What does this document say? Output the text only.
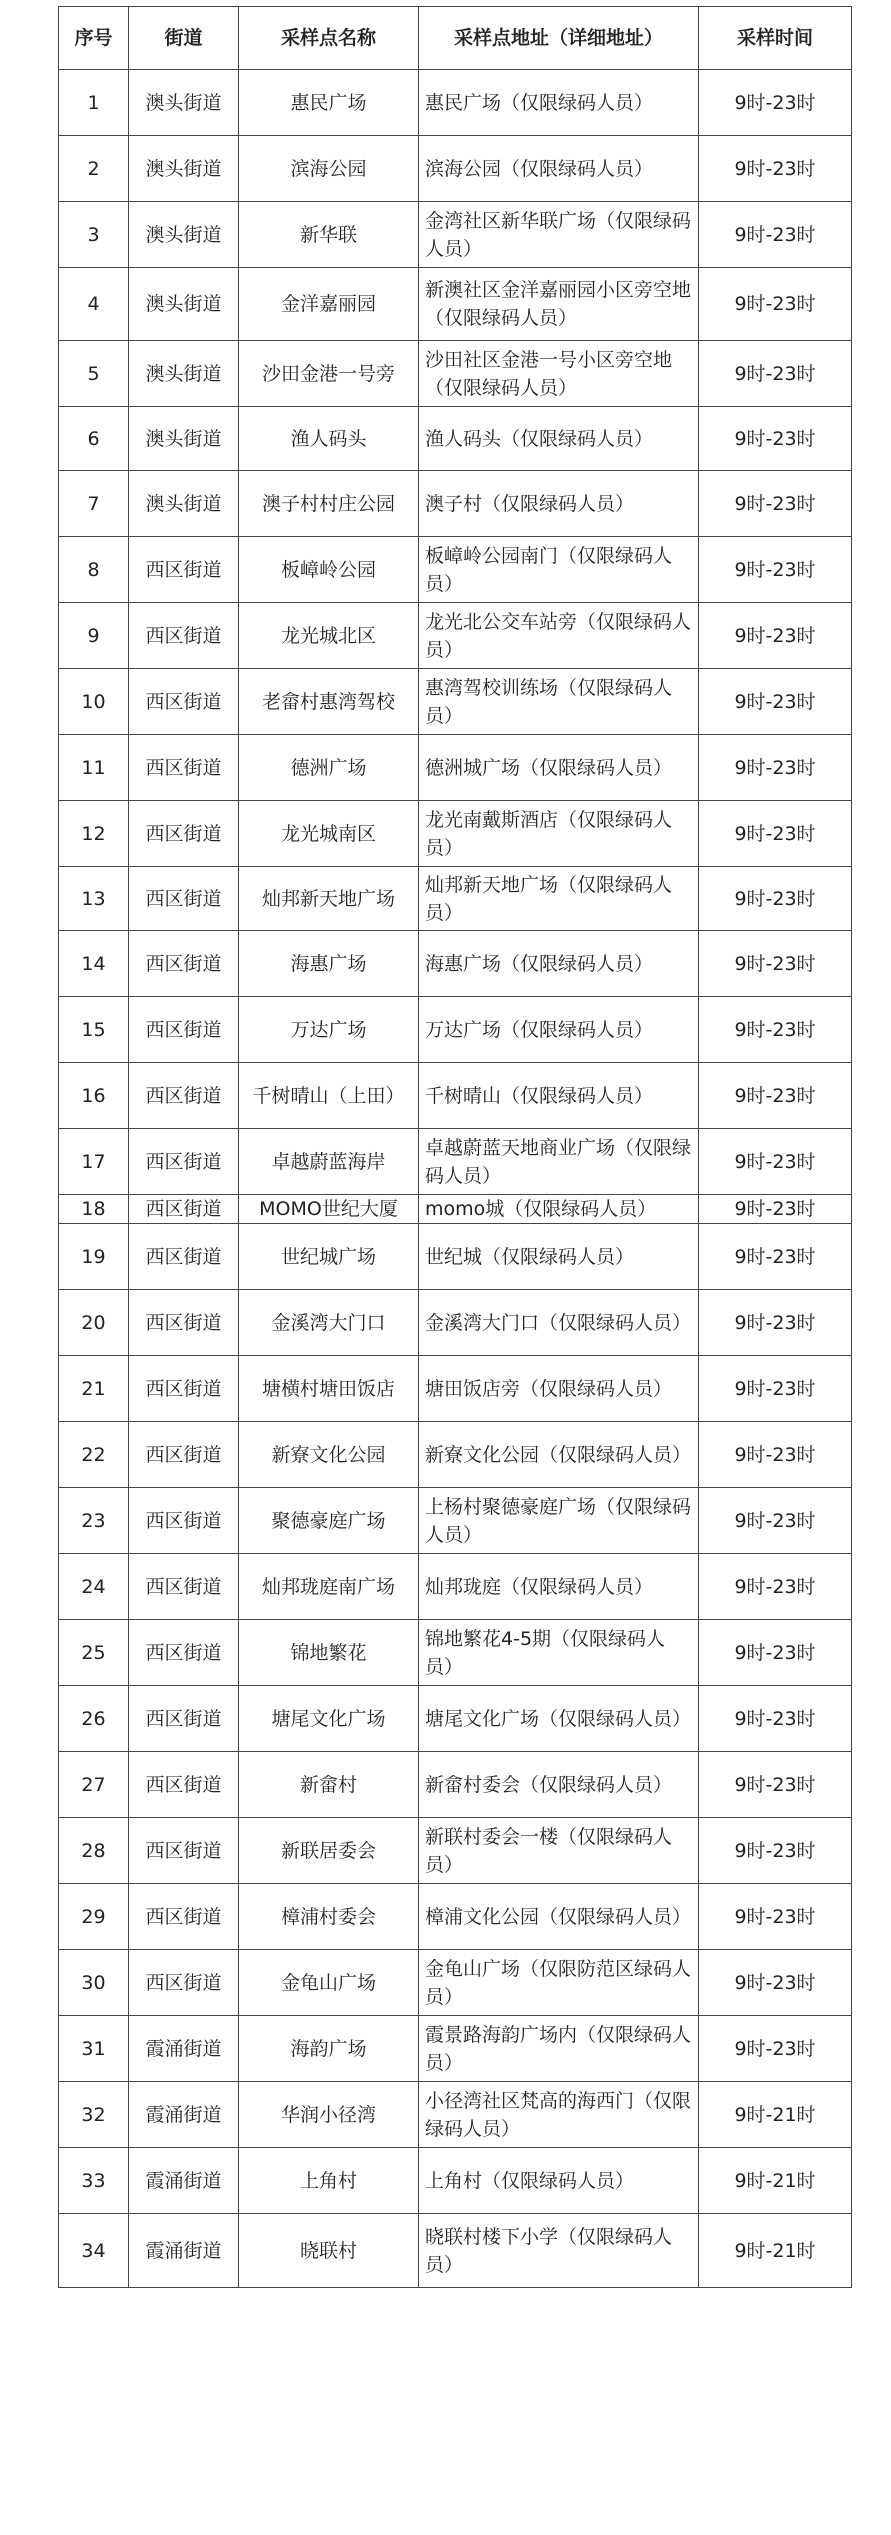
序号	街道	采样点名称	采样点地址（详细地址）	采样时间
1	澳头街道	惠民广场	惠民广场（仅限绿码人员）	9时-23时
2	澳头街道	滨海公园	滨海公园（仅限绿码人员）	9时-23时
3	澳头街道	新华联	金湾社区新华联广场（仅限绿码人员）	9时-23时
4	澳头街道	金洋嘉丽园	新澳社区金洋嘉丽园小区旁空地（仅限绿码人员）	9时-23时
5	澳头街道	沙田金港一号旁	沙田社区金港一号小区旁空地（仅限绿码人员）	9时-23时
6	澳头街道	渔人码头	渔人码头（仅限绿码人员）	9时-23时
7	澳头街道	澳子村村庄公园	澳子村（仅限绿码人员）	9时-23时
8	西区街道	板嶂岭公园	板嶂岭公园南门（仅限绿码人员）	9时-23时
9	西区街道	龙光城北区	龙光北公交车站旁（仅限绿码人员）	9时-23时
10	西区街道	老畲村惠湾驾校	惠湾驾校训练场（仅限绿码人员）	9时-23时
11	西区街道	德洲广场	德洲城广场（仅限绿码人员）	9时-23时
12	西区街道	龙光城南区	龙光南戴斯酒店（仅限绿码人员）	9时-23时
13	西区街道	灿邦新天地广场	灿邦新天地广场（仅限绿码人员）	9时-23时
14	西区街道	海惠广场	海惠广场（仅限绿码人员）	9时-23时
15	西区街道	万达广场	万达广场（仅限绿码人员）	9时-23时
16	西区街道	千树晴山（上田）	千树晴山（仅限绿码人员）	9时-23时
17	西区街道	卓越蔚蓝海岸	卓越蔚蓝天地商业广场（仅限绿码人员）	9时-23时
18	西区街道	MOMO世纪大厦	momo城（仅限绿码人员）	9时-23时
19	西区街道	世纪城广场	世纪城（仅限绿码人员）	9时-23时
20	西区街道	金溪湾大门口	金溪湾大门口（仅限绿码人员）	9时-23时
21	西区街道	塘横村塘田饭店	塘田饭店旁（仅限绿码人员）	9时-23时
22	西区街道	新寮文化公园	新寮文化公园（仅限绿码人员）	9时-23时
23	西区街道	聚德豪庭广场	上杨村聚德豪庭广场（仅限绿码人员）	9时-23时
24	西区街道	灿邦珑庭南广场	灿邦珑庭（仅限绿码人员）	9时-23时
25	西区街道	锦地繁花	锦地繁花4-5期（仅限绿码人员）	9时-23时
26	西区街道	塘尾文化广场	塘尾文化广场（仅限绿码人员）	9时-23时
27	西区街道	新畲村	新畲村委会（仅限绿码人员）	9时-23时
28	西区街道	新联居委会	新联村委会一楼（仅限绿码人员）	9时-23时
29	西区街道	樟浦村委会	樟浦文化公园（仅限绿码人员）	9时-23时
30	西区街道	金龟山广场	金龟山广场（仅限防范区绿码人员）	9时-23时
31	霞涌街道	海韵广场	霞景路海韵广场内（仅限绿码人员）	9时-23时
32	霞涌街道	华润小径湾	小径湾社区梵高的海西门（仅限绿码人员）	9时-21时
33	霞涌街道	上角村	上角村（仅限绿码人员）	9时-21时
34	霞涌街道	晓联村	晓联村楼下小学（仅限绿码人员）	9时-21时
